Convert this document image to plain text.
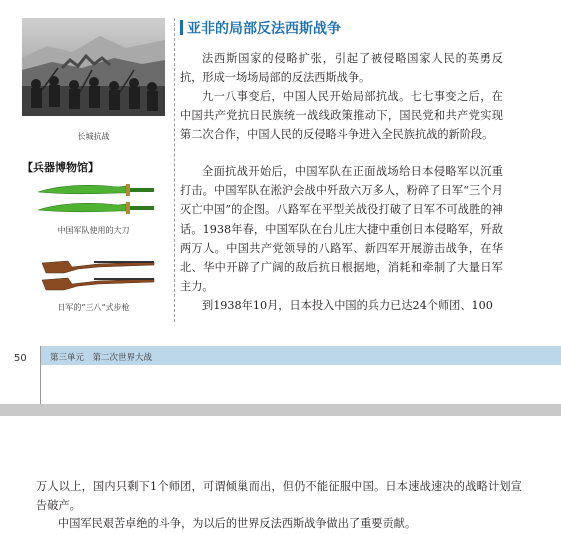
长城抗战
【兵器博物馆】
中国军队使用的大刀
日军的“三八”式步枪
亚非的局部反法西斯战争

法西斯国家的侵略扩张，引起了被侵略国家人民的英勇反抗，形成一场场局部的反法西斯战争。

九一八事变后，中国人民开始局部抗战。七七事变之后，在中国共产党抗日民族统一战线政策推动下，国民党和共产党实现第二次合作，中国人民的反侵略斗争进入全民族抗战的新阶段。

全面抗战开始后，中国军队在正面战场给日本侵略军以沉重打击。中国军队在淞沪会战中歼敌六万多人，粉碎了日军“三个月灭亡中国”的企图。八路军在平型关战役打破了日军不可战胜的神话。1938年春，中国军队在台儿庄大捷中重创日本侵略军，歼敌两万人。中国共产党领导的八路军、新四军开展游击战争，在华北、华中开辟了广阔的敌后抗日根据地，消耗和牵制了大量日军主力。

到1938年10月，日本投入中国的兵力已达24个师团、100

50	第三单元　第二次世界大战

万人以上，国内只剩下1个师团，可谓倾巢而出，但仍不能征服中国。日本速战速决的战略计划宣告破产。

中国军民艰苦卓绝的斗争，为以后的世界反法西斯战争做出了重要贡献。
